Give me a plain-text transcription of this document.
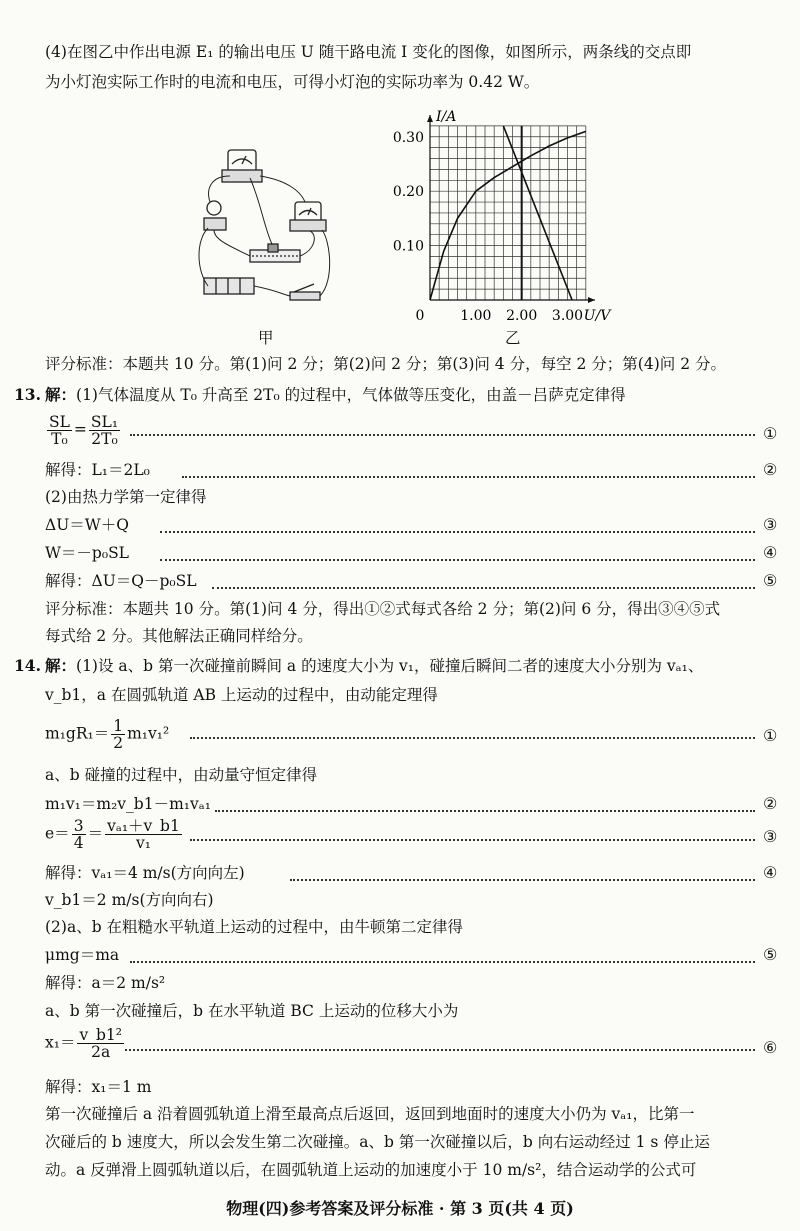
(4)在图乙中作出电源 E₁ 的输出电压 U 随干路电流 I 变化的图像，如图所示，两条线的交点即
为小灯泡实际工作时的电流和电压，可得小灯泡的实际功率为 0.42 W。
1.00 2.00 3.00
0.10
0.20
0.30
0	U/V
I/A
甲	乙
评分标准：本题共 10 分。第(1)问 2 分；第(2)问 2 分；第(3)问 4 分，每空 2 分；第(4)问 2 分。
13. 解：(1)气体温度从 T₀ 升高至 2T₀ 的过程中，气体做等压变化，由盖－吕萨克定律得
$\frac{SL}{\text{T₀}} = \frac{\text{SL₁}}{\text{2T₀}}$	①
解得：L₁＝2L₀	②
(2)由热力学第一定律得
ΔU＝W＋Q	③
W＝－p₀SL	④
解得：ΔU＝Q－p₀SL	⑤
评分标准：本题共 10 分。第(1)问 4 分，得出①②式每式各给 2 分；第(2)问 6 分，得出③④⑤式
每式给 2 分。其他解法正确同样给分。
14. 解：(1)设 a、b 第一次碰撞前瞬间 a 的速度大小为 v₁，碰撞后瞬间二者的速度大小分别为 vₐ₁、
v_b1，a 在圆弧轨道 AB 上运动的过程中，由动能定理得
$m_1gR_1= \frac{1}{2} m_1v_1^2$	①
a、b 碰撞的过程中，由动量守恒定律得
m₁v₁＝m₂v_b1－m₁vₐ₁	②
$e= \frac{3}{4} = \frac{\text{vₐ₁＋v\_b1}}{\text{v₁}}$	③
解得：vₐ₁＝4 m/s(方向向左)	④
v_b1＝2 m/s(方向向右)
(2)a、b 在粗糙水平轨道上运动的过程中，由牛顿第二定律得
μmg＝ma	⑤
解得：a＝2 m/s²
a、b 第一次碰撞后，b 在水平轨道 BC 上运动的位移大小为
$x_1= \frac{\text{v\_b1²}}{2a}$	⑥
解得：x₁＝1 m
第一次碰撞后 a 沿着圆弧轨道上滑至最高点后返回，返回到地面时的速度大小仍为 vₐ₁，比第一
次碰后的 b 速度大，所以会发生第二次碰撞。a、b 第一次碰撞以后，b 向右运动经过 1 s 停止运
动。a 反弹滑上圆弧轨道以后，在圆弧轨道上运动的加速度小于 10 m/s²，结合运动学的公式可
物理(四)参考答案及评分标准 · 第 3 页(共 4 页)
